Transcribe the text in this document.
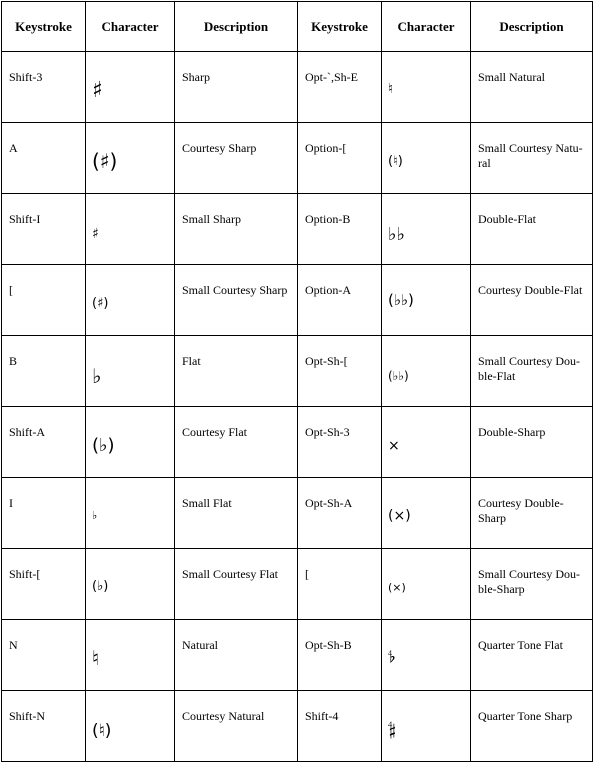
Keystroke	Character	Description	Keystroke	Character	Description

Shift-3	♯	Sharp	Opt-`,Sh-E	♮	Small Natural

A	(♯)	Courtesy Sharp	Option-[	(♮)	Small Courtesy Natu-ral

Shift-I	♯	Small Sharp	Option-B	♭♭	Double-Flat

[	(♯)	Small Courtesy Sharp	Option-A	(♭♭)	Courtesy Double-Flat

B	♭	Flat	Opt-Sh-[	(♭♭)	Small Courtesy Dou-ble-Flat

Shift-A	(♭)	Courtesy Flat	Opt-Sh-3	×	Double-Sharp

I	♭	Small Flat	Opt-Sh-A	(×)	Courtesy Double-Sharp

Shift-[	(♭)	Small Courtesy Flat	[	(×)	Small Courtesy Dou-ble-Sharp

N	♮	Natural	Opt-Sh-B	𝄳	Quarter Tone Flat

Shift-N	(♮)	Courtesy Natural	Shift-4	𝄲	Quarter Tone Sharp
